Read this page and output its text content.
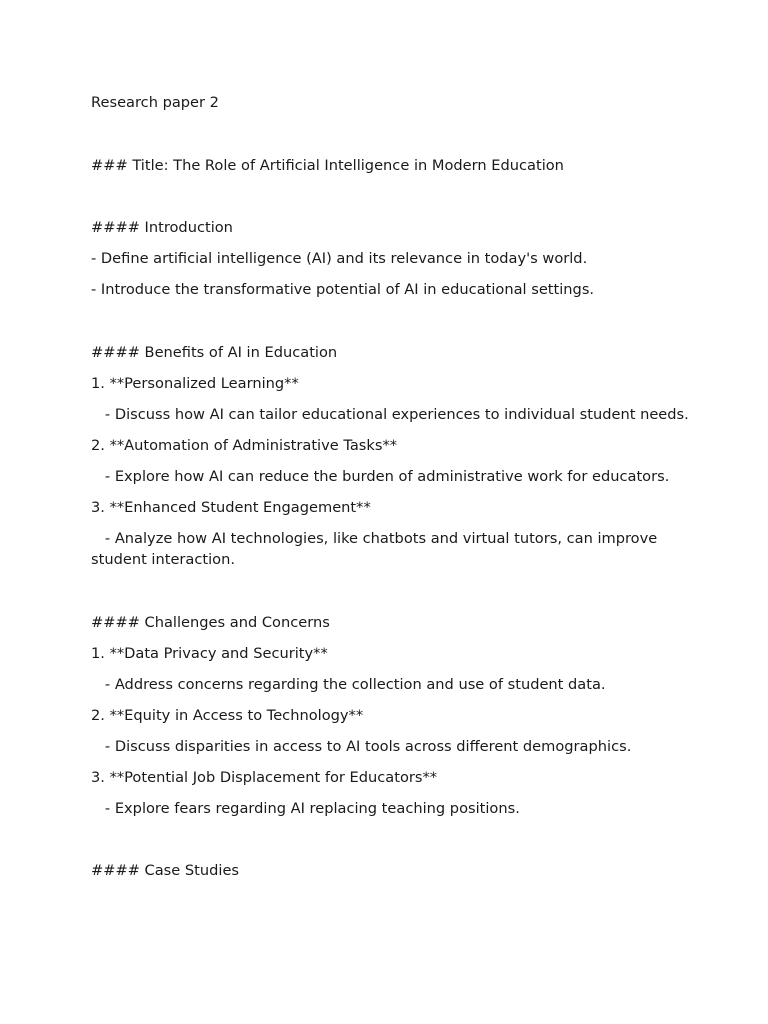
Research paper 2

### Title: The Role of Artificial Intelligence in Modern Education

#### Introduction

- Define artificial intelligence (AI) and its relevance in today's world.

- Introduce the transformative potential of AI in educational settings.

#### Benefits of AI in Education

1. **Personalized Learning**

- Discuss how AI can tailor educational experiences to individual student needs.

2. **Automation of Administrative Tasks**

- Explore how AI can reduce the burden of administrative work for educators.

3. **Enhanced Student Engagement**

- Analyze how AI technologies, like chatbots and virtual tutors, can improve student interaction.

#### Challenges and Concerns

1. **Data Privacy and Security**

- Address concerns regarding the collection and use of student data.

2. **Equity in Access to Technology**

- Discuss disparities in access to AI tools across different demographics.

3. **Potential Job Displacement for Educators**

- Explore fears regarding AI replacing teaching positions.

#### Case Studies
